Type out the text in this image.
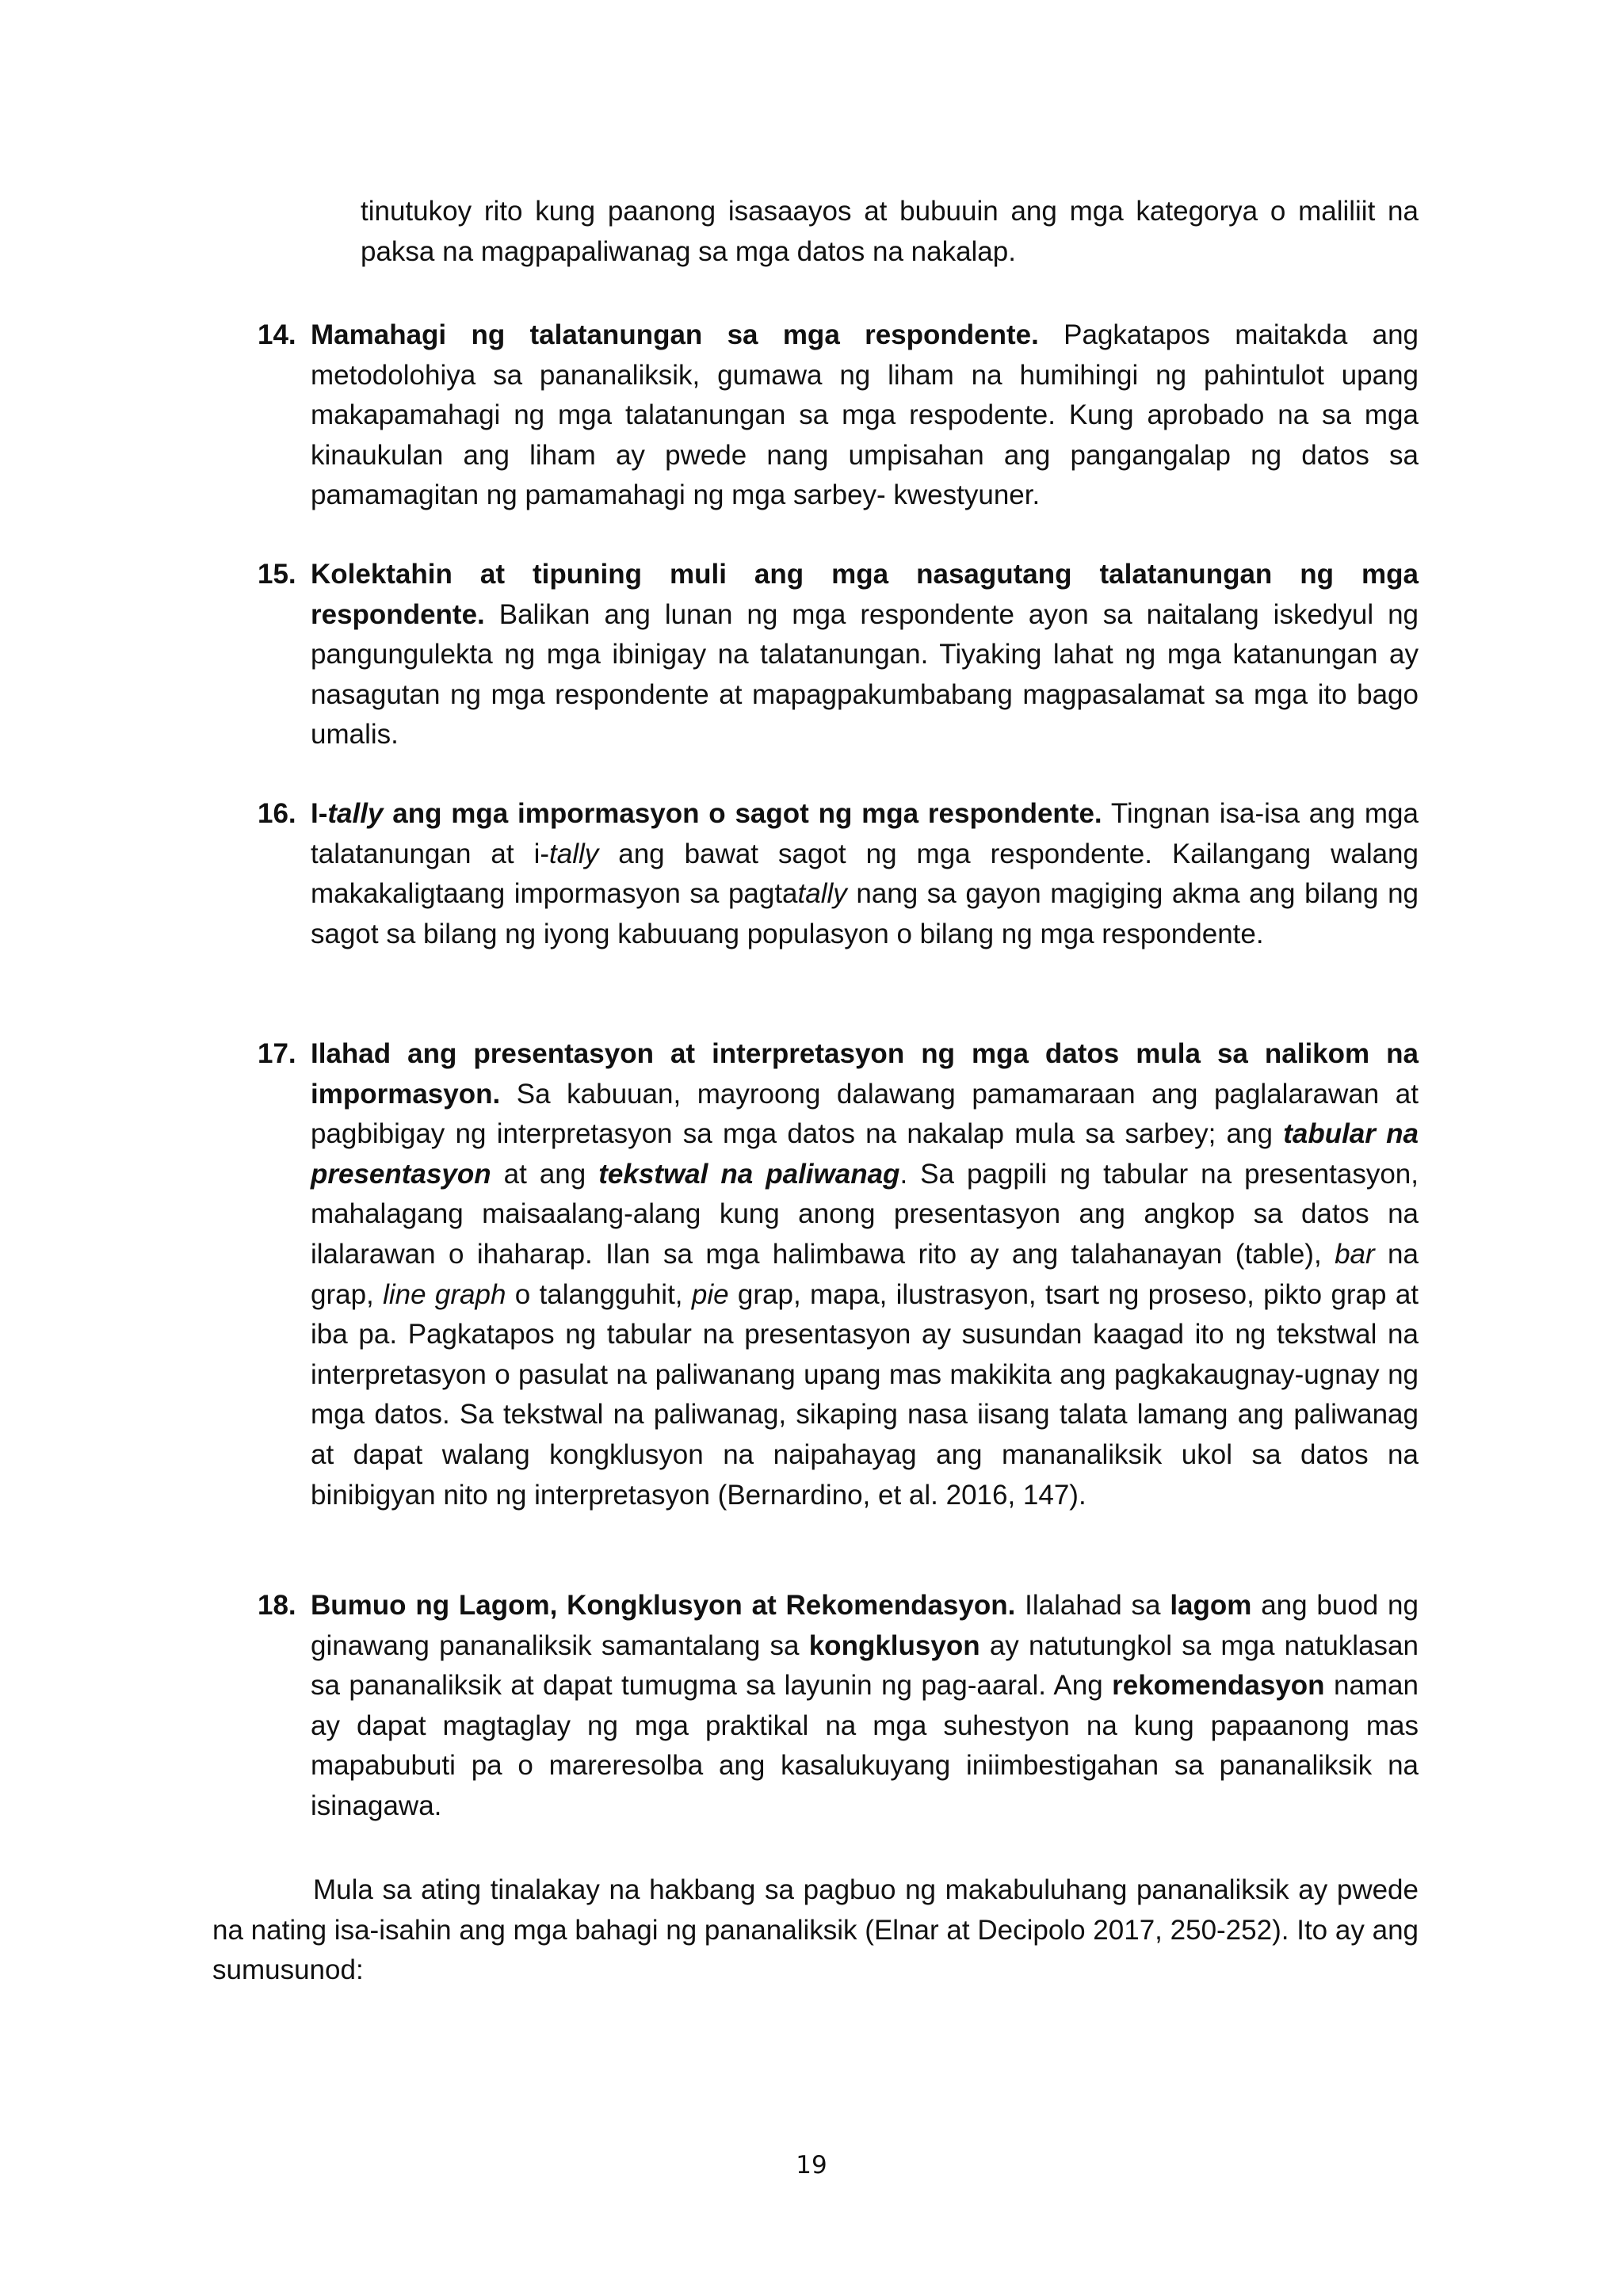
tinutukoy rito kung paanong isasaayos at bubuuin ang mga kategorya o maliliit na paksa na magpapaliwanag sa mga datos na nakalap.
14. Mamahagi ng talatanungan sa mga respondente. Pagkatapos maitakda ang metodolohiya sa pananaliksik, gumawa ng liham na humihingi ng pahintulot upang makapamahagi ng mga talatanungan sa mga respodente. Kung aprobado na sa mga kinaukulan ang liham ay pwede nang umpisahan ang pangangalap ng datos sa pamamagitan ng pamamahagi ng mga sarbey- kwestyuner.
15. Kolektahin at tipuning muli ang mga nasagutang talatanungan ng mga respondente. Balikan ang lunan ng mga respondente ayon sa naitalang iskedyul ng pangungulekta ng mga ibinigay na talatanungan. Tiyaking lahat ng mga katanungan ay nasagutan ng mga respondente at mapagpakumbabang magpasalamat sa mga ito bago umalis.
16. I-tally ang mga impormasyon o sagot ng mga respondente. Tingnan isa-isa ang mga talatanungan at i-tally ang bawat sagot ng mga respondente. Kailangang walang makakaligtaang impormasyon sa pagtatally nang sa gayon magiging akma ang bilang ng sagot sa bilang ng iyong kabuuang populasyon o bilang ng mga respondente.
17. Ilahad ang presentasyon at interpretasyon ng mga datos mula sa nalikom na impormasyon. Sa kabuuan, mayroong dalawang pamamaraan ang paglalarawan at pagbibigay ng interpretasyon sa mga datos na nakalap mula sa sarbey; ang tabular na presentasyon at ang tekstwal na paliwanag. Sa pagpili ng tabular na presentasyon, mahalagang maisaalang-alang kung anong presentasyon ang angkop sa datos na ilalarawan o ihaharap. Ilan sa mga halimbawa rito ay ang talahanayan (table), bar na grap, line graph o talangguhit, pie grap, mapa, ilustrasyon, tsart ng proseso, pikto grap at iba pa. Pagkatapos ng tabular na presentasyon ay susundan kaagad ito ng tekstwal na interpretasyon o pasulat na paliwanang upang mas makikita ang pagkakaugnay-ugnay ng mga datos. Sa tekstwal na paliwanag, sikaping nasa iisang talata lamang ang paliwanag at dapat walang kongklusyon na naipahayag ang mananaliksik ukol sa datos na binibigyan nito ng interpretasyon (Bernardino, et al. 2016, 147).
18. Bumuo ng Lagom, Kongklusyon at Rekomendasyon. Ilalahad sa lagom ang buod ng ginawang pananaliksik samantalang sa kongklusyon ay natutungkol sa mga natuklasan sa pananaliksik at dapat tumugma sa layunin ng pag-aaral. Ang rekomendasyon naman ay dapat magtaglay ng mga praktikal na mga suhestyon na kung papaanong mas mapabubuti pa o mareresolba ang kasalukuyang iniimbestigahan sa pananaliksik na isinagawa.
Mula sa ating tinalakay na hakbang sa pagbuo ng makabuluhang pananaliksik ay pwede na nating isa-isahin ang mga bahagi ng pananaliksik (Elnar at Decipolo 2017, 250-252). Ito ay ang sumusunod:
19
